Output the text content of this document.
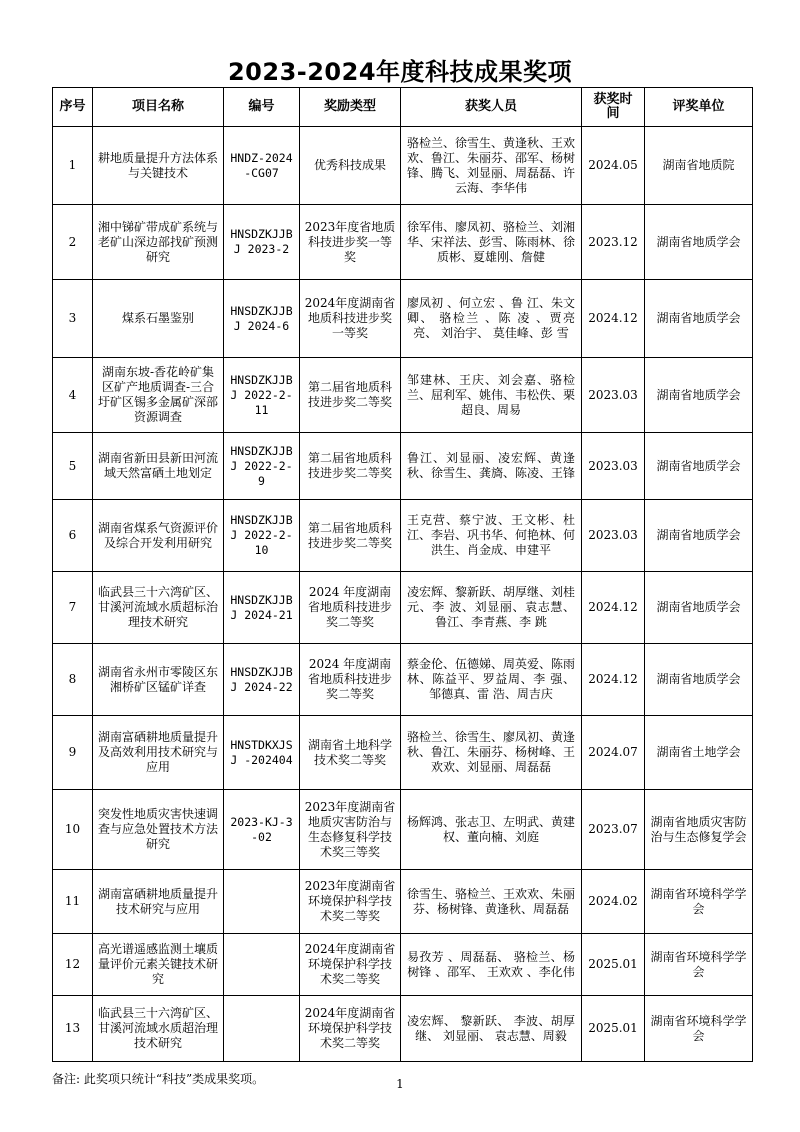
2023-2024年度科技成果奖项
序号	项目名称	编号	奖励类型	获奖人员	获奖时间	评奖单位
1	耕地质量提升方法体系与关键技术	HNDZ-2024-CG07	优秀科技成果	骆检兰、徐雪生、黄逢秋、王欢欢、鲁江、朱丽芬、邵军、杨树锋、腾飞、刘显丽、周磊磊、许云海、李华伟	2024.05	湖南省地质院
2	湘中锑矿带成矿系统与老矿山深边部找矿预测研究	HNSDZKJJBJ 2023-2	2023年度省地质科技进步奖一等奖	徐军伟、廖凤初、骆检兰、刘湘华、宋祥法、彭雪、陈雨林、徐质彬、夏雄刚、詹健	2023.12	湖南省地质学会
3	煤系石墨鉴别	HNSDZKJJBJ 2024-6	2024年度湖南省地质科技进步奖一等奖	廖凤初 、何立宏 、鲁 江、朱文卿、 骆检兰 、陈 凌 、贾亮亮、 刘治宇、 莫佳峰、彭 雪	2024.12	湖南省地质学会
4	湖南东坡-香花岭矿集区矿产地质调查-三合圩矿区锡多金属矿深部资源调查	HNSDZKJJBJ 2022-2-11	第二届省地质科技进步奖二等奖	邹建林、王庆、刘会嘉、骆检兰、屈利军、姚伟、韦松佚、栗超良、周易	2023.03	湖南省地质学会
5	湖南省新田县新田河流域天然富硒土地划定	HNSDZKJJBJ 2022-2-9	第二届省地质科技进步奖二等奖	鲁江、刘显丽、凌宏辉、黄逢秋、徐雪生、龚旖、陈凌、王锋	2023.03	湖南省地质学会
6	湖南省煤系气资源评价及综合开发利用研究	HNSDZKJJBJ 2022-2-10	第二届省地质科技进步奖二等奖	王克营、蔡宁波、王文彬、杜江、李岩、巩书华、何艳林、何洪生、肖金成、申建平	2023.03	湖南省地质学会
7	临武县三十六湾矿区、甘溪河流域水质超标治理技术研究	HNSDZKJJBJ 2024-21	2024 年度湖南省地质科技进步奖二等奖	凌宏辉、黎新跃、胡厚继、刘桂元、李 波、刘显丽、袁志慧、鲁江、李青燕、李 跳	2024.12	湖南省地质学会
8	湖南省永州市零陵区东湘桥矿区锰矿详查	HNSDZKJJBJ 2024-22	2024 年度湖南省地质科技进步奖二等奖	蔡金伦、伍德娣、周英爱、陈雨林、陈益平、罗益周、李 强、邹德真、雷 浩、周吉庆	2024.12	湖南省地质学会
9	湖南富硒耕地质量提升及高效利用技术研究与应用	HNSTDKXJSJ -202404	湖南省土地科学技术奖二等奖	骆检兰、徐雪生、廖凤初、黄逢秋、鲁江、朱丽芬、杨树峰、王欢欢、刘显丽、周磊磊	2024.07	湖南省土地学会
10	突发性地质灾害快速调查与应急处置技术方法研究	2023-KJ-3-02	2023年度湖南省地质灾害防治与生态修复科学技术奖三等奖	杨辉鸿、张志卫、左明武、黄建权、董向楠、刘庭	2023.07	湖南省地质灾害防治与生态修复学会
11	湖南富硒耕地质量提升技术研究与应用		2023年度湖南省环境保护科学技术奖二等奖	徐雪生、骆检兰、王欢欢、朱丽芬、杨树锋、黄逢秋、周磊磊	2024.02	湖南省环境科学学会
12	高光谱遥感监测土壤质量评价元素关键技术研究		2024年度湖南省环境保护科学技术奖二等奖	易孜芳 、周磊磊、 骆检兰、杨树锋 、邵军、 王欢欢 、李化伟	2025.01	湖南省环境科学学会
13	临武县三十六湾矿区、甘溪河流域水质超治理技术研究		2024年度湖南省环境保护科学技术奖二等奖	凌宏辉、 黎新跃、 李波、胡厚继、 刘显丽、 袁志慧、周毅	2025.01	湖南省环境科学学会
备注: 此奖项只统计“科技”类成果奖项。	1
